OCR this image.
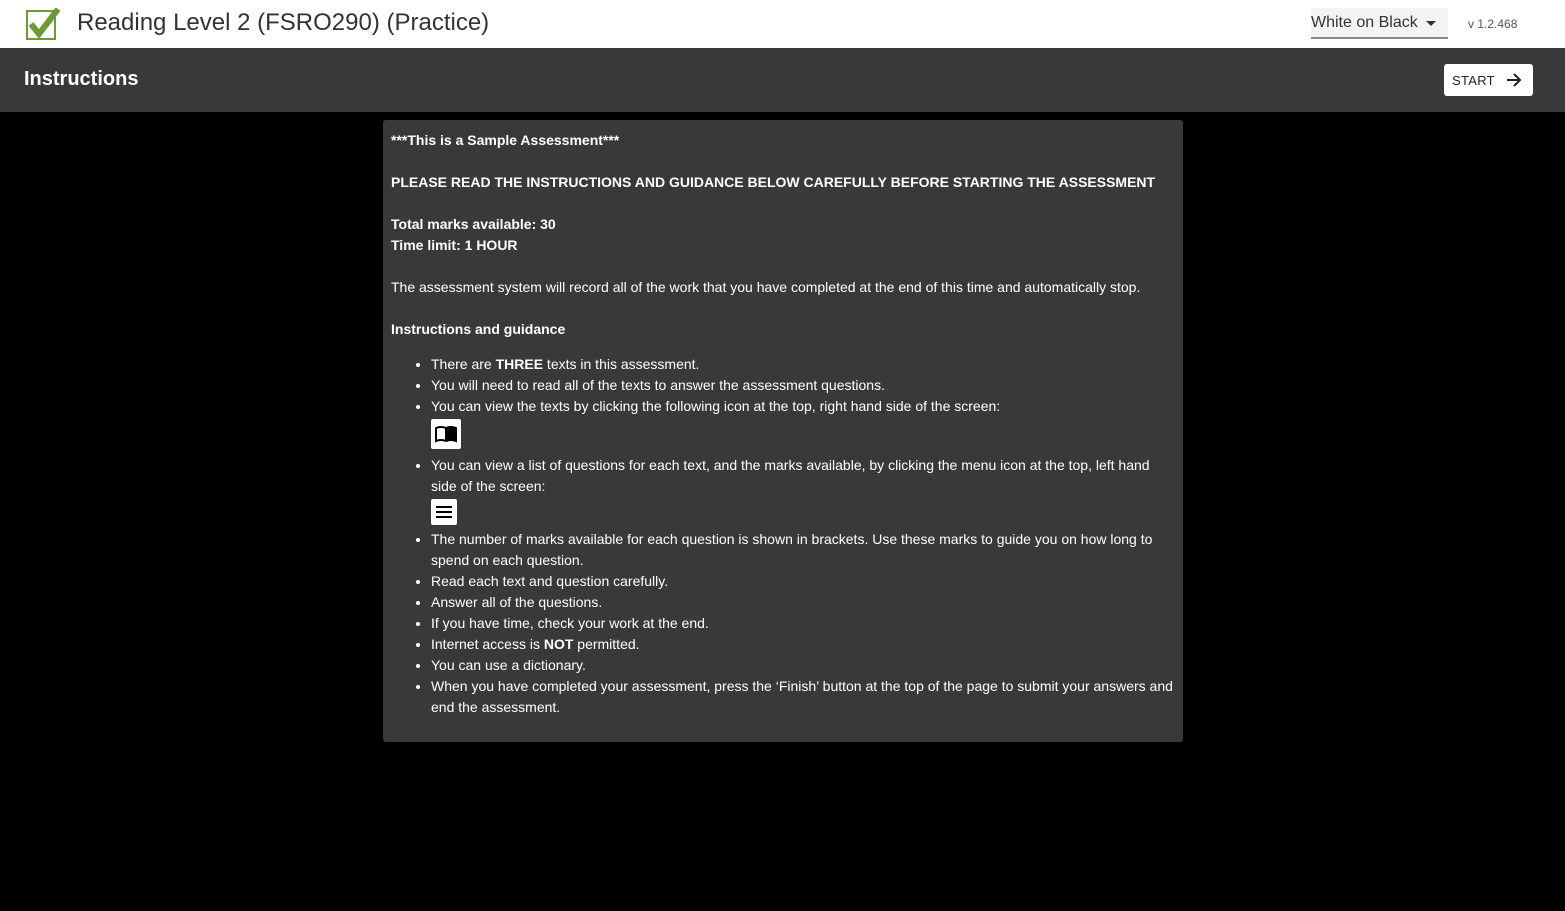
Reading Level 2 (FSRO290) (Practice)	White on Black	v 1.2.468
Instructions	START

***This is a Sample Assessment***

PLEASE READ THE INSTRUCTIONS AND GUIDANCE BELOW CAREFULLY BEFORE STARTING THE ASSESSMENT

Total marks available: 30
Time limit: 1 HOUR

The assessment system will record all of the work that you have completed at the end of this time and automatically stop.

Instructions and guidance

• There are THREE texts in this assessment.
• You will need to read all of the texts to answer the assessment questions.
• You can view the texts by clicking the following icon at the top, right hand side of the screen:
• You can view a list of questions for each text, and the marks available, by clicking the menu icon at the top, left hand side of the screen:
• The number of marks available for each question is shown in brackets. Use these marks to guide you on how long to spend on each question.
• Read each text and question carefully.
• Answer all of the questions.
• If you have time, check your work at the end.
• Internet access is NOT permitted.
• You can use a dictionary.
• When you have completed your assessment, press the ‘Finish’ button at the top of the page to submit your answers and end the assessment.
